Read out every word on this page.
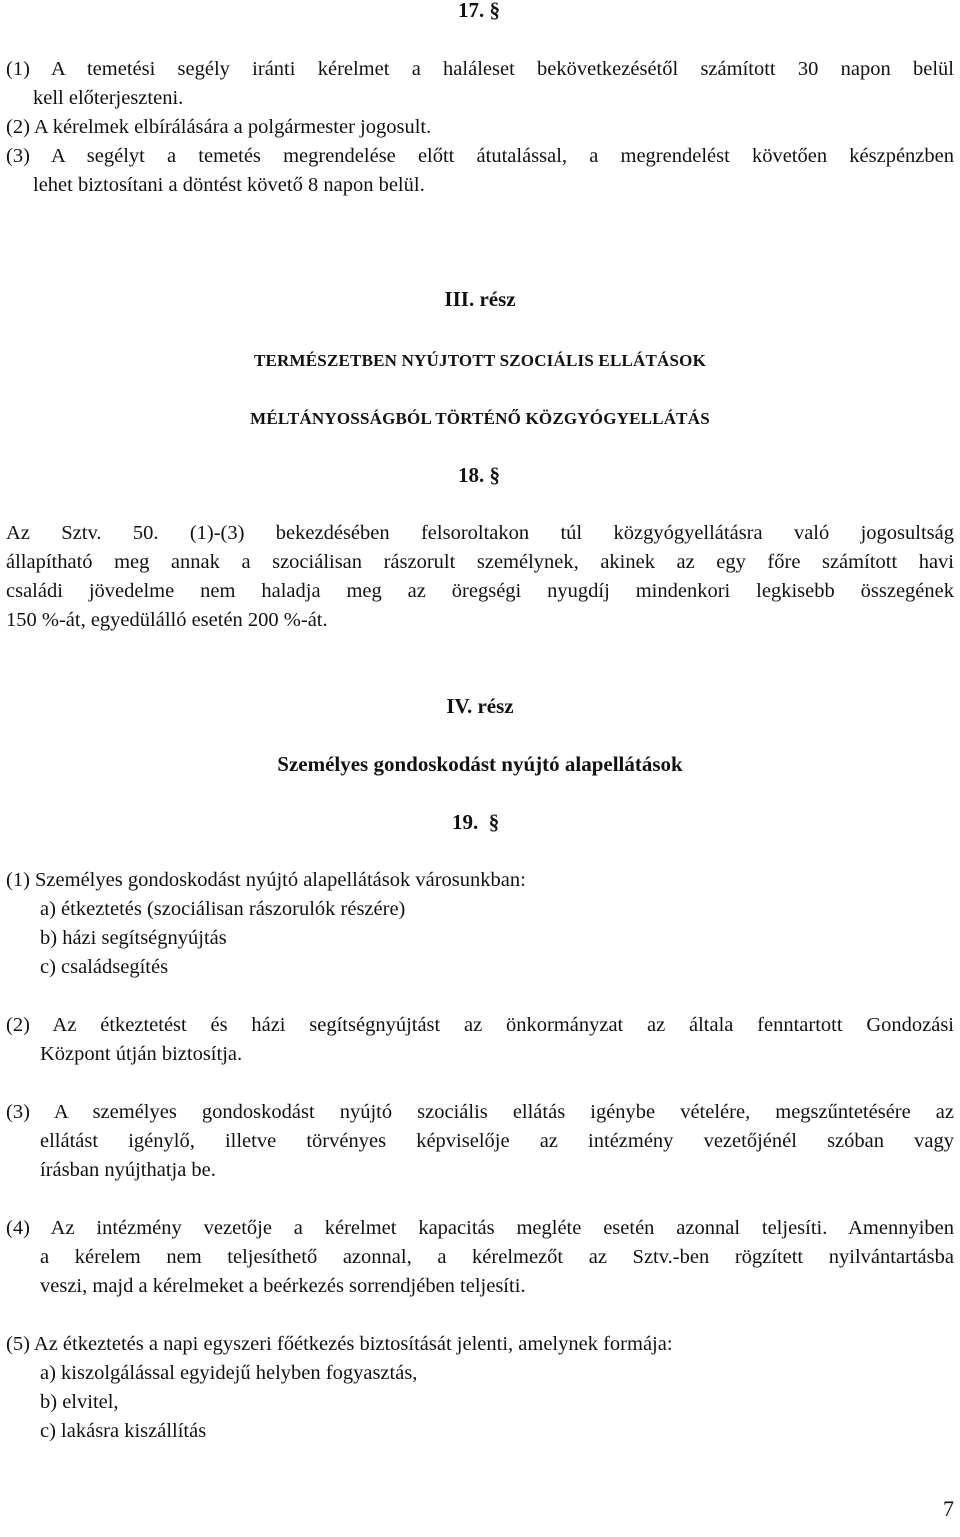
17. §
(1) A temetési segély iránti kérelmet a haláleset bekövetkezésétől számított 30 napon belül
kell előterjeszteni.
(2) A kérelmek elbírálására a polgármester jogosult.
(3) A segélyt a temetés megrendelése előtt átutalással, a megrendelést követően készpénzben
lehet biztosítani a döntést követő 8 napon belül.
III. rész
TERMÉSZETBEN NYÚJTOTT SZOCIÁLIS ELLÁTÁSOK
MÉLTÁNYOSSÁGBÓL TÖRTÉNŐ KÖZGYÓGYELLÁTÁS
18. §
Az Sztv. 50. (1)-(3) bekezdésében felsoroltakon túl közgyógyellátásra való jogosultság
állapítható meg annak a szociálisan rászorult személynek, akinek az egy főre számított havi
családi jövedelme nem haladja meg az öregségi nyugdíj mindenkori legkisebb összegének
150 %-át, egyedülálló esetén 200 %-át.
IV. rész
Személyes gondoskodást nyújtó alapellátások
19. §
(1) Személyes gondoskodást nyújtó alapellátások városunkban:
a) étkeztetés (szociálisan rászorulók részére)
b) házi segítségnyújtás
c) családsegítés
(2) Az étkeztetést és házi segítségnyújtást az önkormányzat az általa fenntartott Gondozási
Központ útján biztosítja.
(3) A személyes gondoskodást nyújtó szociális ellátás igénybe vételére, megszűntetésére az
ellátást igénylő, illetve törvényes képviselője az intézmény vezetőjénél szóban vagy
írásban nyújthatja be.
(4) Az intézmény vezetője a kérelmet kapacitás megléte esetén azonnal teljesíti. Amennyiben
a kérelem nem teljesíthető azonnal, a kérelmezőt az Sztv.-ben rögzített nyilvántartásba
veszi, majd a kérelmeket a beérkezés sorrendjében teljesíti.
(5) Az étkeztetés a napi egyszeri főétkezés biztosítását jelenti, amelynek formája:
a) kiszolgálással egyidejű helyben fogyasztás,
b) elvitel,
c) lakásra kiszállítás
7
